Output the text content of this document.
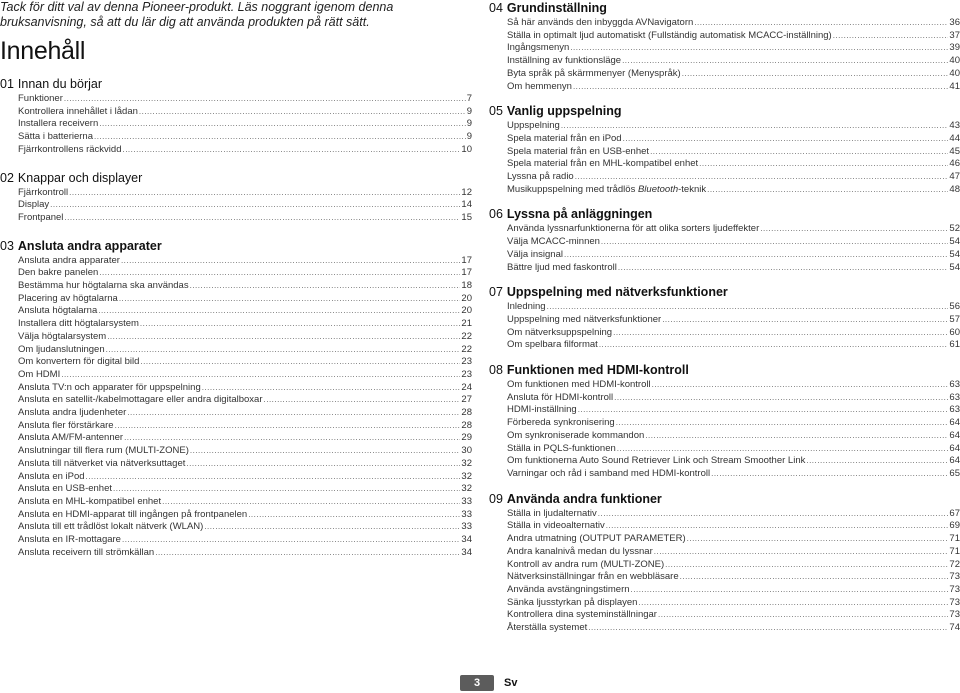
Tack för ditt val av denna Pioneer-produkt. Läs noggrant igenom denna bruksanvisning, så att du lär dig att använda produkten på rätt sätt.

Innehåll
01 Innan du börjar
Funktioner .....	7
Kontrollera innehållet i lådan .....	9
Installera receivern .....	9
Sätta i batterierna .....	9
Fjärrkontrollens räckvidd .....	10
02 Knappar och displayer
Fjärrkontroll .....	12
Display .....	14
Frontpanel .....	15
03 Ansluta andra apparater
Ansluta andra apparater .....	17
Den bakre panelen .....	17
Bestämma hur högtalarna ska användas .....	18
Placering av högtalarna .....	20
Ansluta högtalarna .....	20
Installera ditt högtalarsystem .....	21
Välja högtalarsystem .....	22
Om ljudanslutningen .....	22
Om konvertern för digital bild .....	23
Om HDMI .....	23
Ansluta TV:n och apparater för uppspelning .....	24
Ansluta en satellit-/kabelmottagare eller andra digitalboxar .....	27
Ansluta andra ljudenheter .....	28
Ansluta fler förstärkare .....	28
Ansluta AM/FM-antenner .....	29
Anslutningar till flera rum (MULTI-ZONE) .....	30
Ansluta till nätverket via nätverksuttaget .....	32
Ansluta en iPod .....	32
Ansluta en USB-enhet .....	32
Ansluta en MHL-kompatibel enhet .....	33
Ansluta en HDMI-apparat till ingången på frontpanelen .....	33
Ansluta till ett trådlöst lokalt nätverk (WLAN) .....	33
Ansluta en IR-mottagare .....	34
Ansluta receivern till strömkällan .....	34
04 Grundinställning
Så här används den inbyggda AVNavigatorn .....	36
Ställa in optimalt ljud automatiskt (Fullständig automatisk MCACC-inställning) .....	37
Ingångsmenyn .....	39
Inställning av funktionsläge .....	40
Byta språk på skärmmenyer (Menyspråk) .....	40
Om hemmenyn .....	41
05 Vanlig uppspelning
Uppspelning .....	43
Spela material från en iPod .....	44
Spela material från en USB-enhet .....	45
Spela material från en MHL-kompatibel enhet .....	46
Lyssna på radio .....	47
Musikuppspelning med trådlös Bluetooth-teknik .....	48
06 Lyssna på anläggningen
Använda lyssnarfunktionerna för att olika sorters ljudeffekter .....	52
Välja MCACC-minnen .....	54
Välja insignal .....	54
Bättre ljud med faskontroll .....	54
07 Uppspelning med nätverksfunktioner
Inledning .....	56
Uppspelning med nätverksfunktioner .....	57
Om nätverksuppspelning .....	60
Om spelbara filformat .....	61
08 Funktionen med HDMI-kontroll
Om funktionen med HDMI-kontroll .....	63
Ansluta för HDMI-kontroll .....	63
HDMI-inställning .....	63
Förbereda synkronisering .....	64
Om synkroniserade kommandon .....	64
Ställa in PQLS-funktionen .....	64
Om funktionerna Auto Sound Retriever Link och Stream Smoother Link .....	64
Varningar och råd i samband med HDMI-kontroll .....	65
09 Använda andra funktioner
Ställa in ljudalternativ .....	67
Ställa in videoalternativ .....	69
Andra utmatning (OUTPUT PARAMETER) .....	71
Andra kanalnivå medan du lyssnar .....	71
Kontroll av andra rum (MULTI-ZONE) .....	72
Nätverksinställningar från en webbläsare .....	73
Använda avstängningstimern .....	73
Sänka ljusstyrkan på displayen .....	73
Kontrollera dina systeminställningar .....	73
Återställa systemet .....	74
3	Sv
